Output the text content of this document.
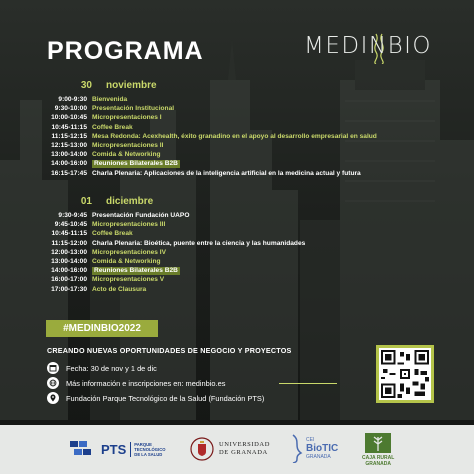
PROGRAMA	MEDINBIO
30 noviembre
9:00-9:30 Bienvenida
9:30-10:00 Presentación Institucional
10:00-10:45 Micropresentaciones I
10:45-11:15 Coffee Break
11:15-12:15 Mesa Redonda: Acexhealth, éxito granadino en el apoyo al desarrollo empresarial en salud
12:15-13:00 Micropresentaciones II
13:00-14:00 Comida & Networking
14:00-16:00 Reuniones Bilaterales B2B
16:15-17:45 Charla Plenaria: Aplicaciones de la inteligencia artificial en la medicina actual y futura
01 diciembre
9:30-9:45 Presentación Fundación UAPO
9:45-10:45 Micropresentaciones III
10:45-11:15 Coffee Break
11:15-12:00 Charla Plenaria: Bioética, puente entre la ciencia y las humanidades
12:00-13:00 Micropresentaciones IV
13:00-14:00 Comida & Networking
14:00-16:00 Reuniones Bilaterales B2B
16:00-17:00 Micropresentaciones V
17:00-17:30 Acto de Clausura
#MEDINBIO2022
CREANDO NUEVAS OPORTUNIDADES DE NEGOCIO Y PROYECTOS
Fecha: 30 de nov y 1 de dic
Más información e inscripciones en: medinbio.es
Fundación Parque Tecnológico de la Salud (Fundación PTS)
PTS	PARQUE
TECNOLÓGICO
DE LA SALUD
UNIVERSIDAD
DE GRANADA
CEI
BioTIC
GRANADA	CAJA RURAL
GRANADA
